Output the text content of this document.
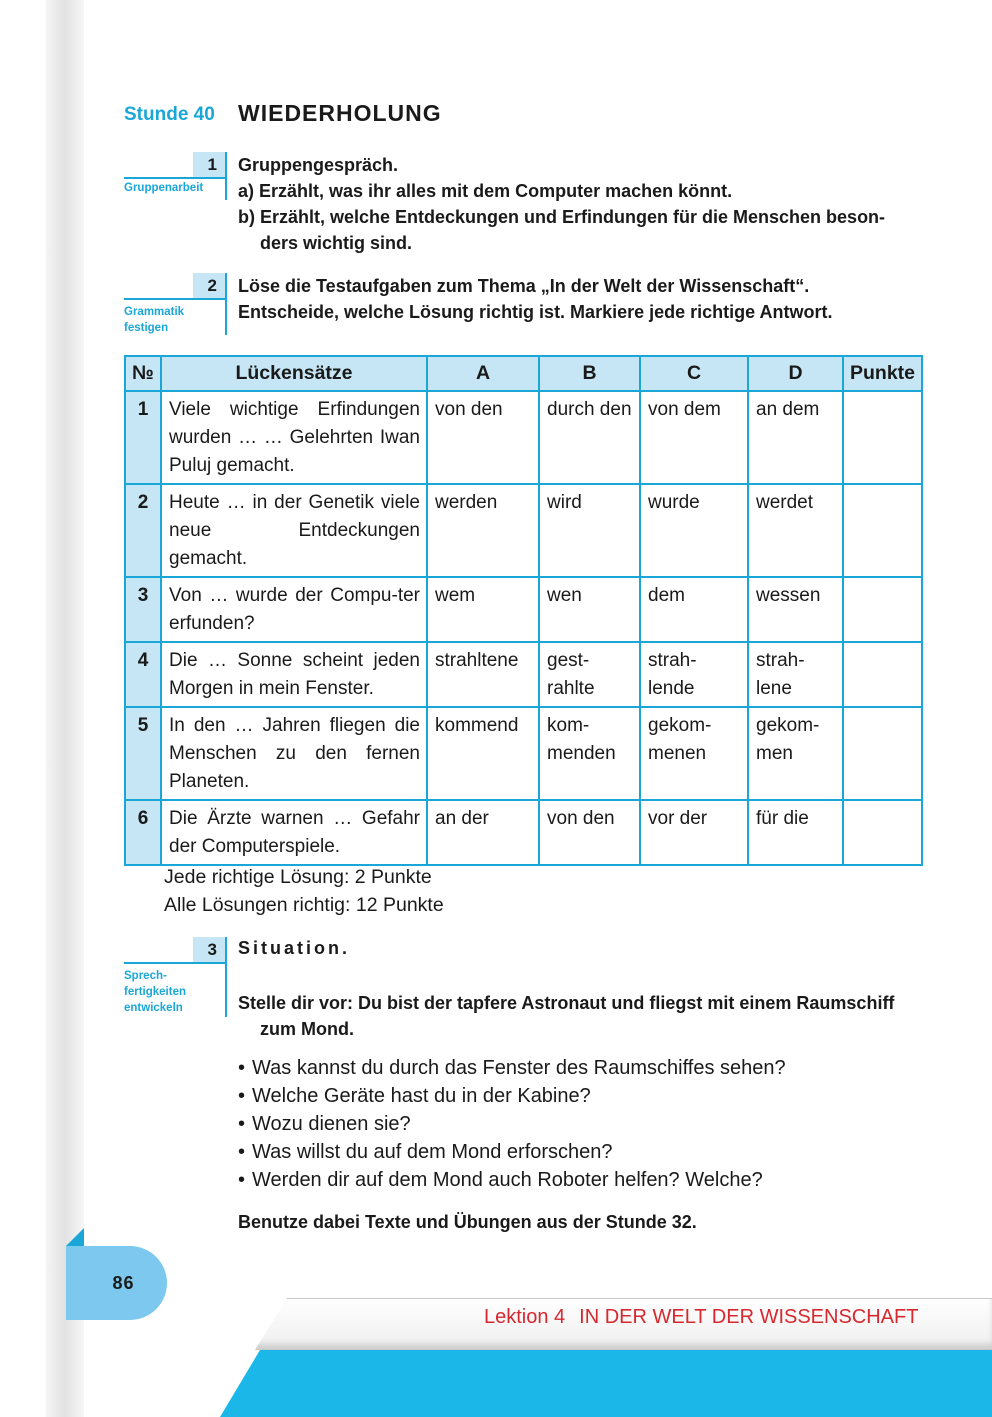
Stunde 40 WIEDERHOLUNG
1
Gruppenarbeit
Gruppengespräch.
a) Erzählt, was ihr alles mit dem Computer machen könnt.
b) Erzählt, welche Entdeckungen und Erfindungen für die Menschen beson-
ders wichtig sind.
2
Grammatik
festigen
Löse die Testaufgaben zum Thema „In der Welt der Wissenschaft“.
Entscheide, welche Lösung richtig ist. Markiere jede richtige Antwort.
№	Lückensätze	A	B	C	D	Punkte
1	Viele wichtige Erfindungen wurden … … Gelehrten Iwan Puluj gemacht.	von den	durch den	von dem	an dem	
2	Heute … in der Genetik viele neue Entdeckungen gemacht.	werden	wird	wurde	werdet	
3	Von … wurde der Compu-ter erfunden?	wem	wen	dem	wessen	
4	Die … Sonne scheint jeden Morgen in mein Fenster.	strahltene	gest-rahlte	strah-lende	strah-lene	
5	In den … Jahren fliegen die Menschen zu den fernen Planeten.	kommend	kom-menden	gekom-menen	gekom-men	
6	Die Ärzte warnen … Gefahr der Computerspiele.	an der	von den	vor der	für die	
Jede richtige Lösung: 2 Punkte
Alle Lösungen richtig: 12 Punkte
3
Sprech-
fertigkeiten
entwickeln
Situation.
Stelle dir vor: Du bist der tapfere Astronaut und fliegst mit einem Raumschiff
zum Mond.
• Was kannst du durch das Fenster des Raumschiffes sehen?
• Welche Geräte hast du in der Kabine?
• Wozu dienen sie?
• Was willst du auf dem Mond erforschen?
• Werden dir auf dem Mond auch Roboter helfen? Welche?
Benutze dabei Texte und Übungen aus der Stunde 32.
86
Lektion 4 IN DER WELT DER WISSENSCHAFT
